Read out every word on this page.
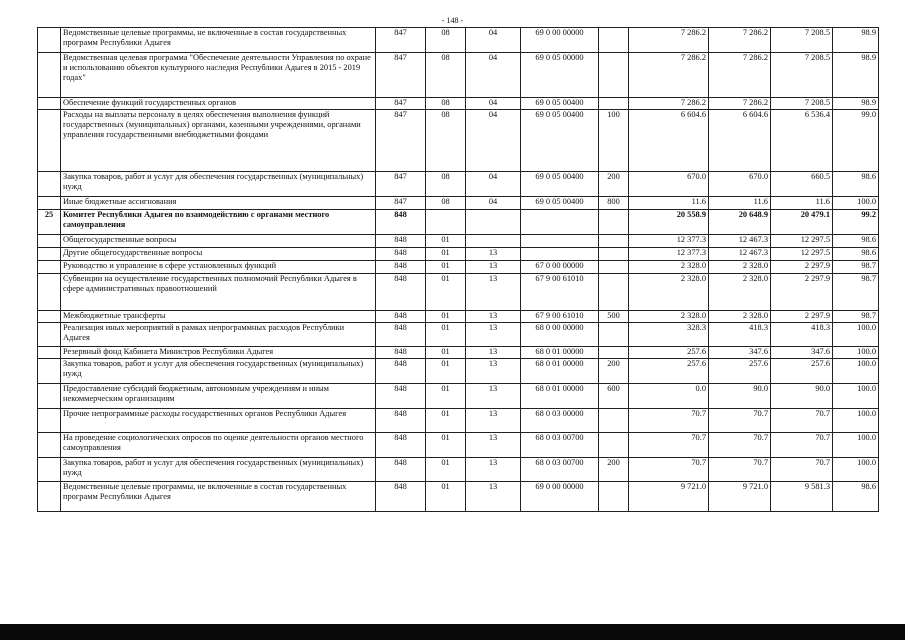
- 148 -
	Ведомственные целевые программы, не включенные в состав государственных программ Республики Адыгея	847	08	04	69 0 00 00000		7 286.2	7 286.2	7 208.5	98.9
	Ведомственная целевая программа "Обеспечение деятельности Управления по охране и использованию объектов культурного наследия Республики Адыгея в 2015 - 2019 годах"	847	08	04	69 0 05 00000		7 286.2	7 286.2	7 208.5	98.9
	Обеспечение функций государственных органов	847	08	04	69 0 05 00400		7 286.2	7 286.2	7 208.5	98.9
	Расходы на выплаты персоналу в целях обеспечения выполнения функций государственных (муниципальных) органами, казенными учреждениями, органами управления государственными внебюджетными фондами	847	08	04	69 0 05 00400	100	6 604.6	6 604.6	6 536.4	99.0
	Закупка товаров, работ и услуг для обеспечения государственных (муниципальных) нужд	847	08	04	69 0 05 00400	200	670.0	670.0	660.5	98.6
	Иные бюджетные ассигнования	847	08	04	69 0 05 00400	800	11.6	11.6	11.6	100.0
25	Комитет Республики Адыгея по взаимодействию с органами местного самоуправления	848					20 558.9	20 648.9	20 479.1	99.2
	Общегосударственные вопросы	848	01				12 377.3	12 467.3	12 297.5	98.6
	Другие общегосударственные вопросы	848	01	13			12 377.3	12 467.3	12 297.5	98.6
	Руководство и управление в сфере установленных функций	848	01	13	67 0 00 00000		2 328.0	2 328.0	2 297.9	98.7
	Субвенции на осуществление государственных полномочий Республики Адыгея в сфере административных правоотношений	848	01	13	67 9 00 61010		2 328.0	2 328.0	2 297.9	98.7
	Межбюджетные трансферты	848	01	13	67 9 00 61010	500	2 328.0	2 328.0	2 297.9	98.7
	Реализация иных мероприятий в рамках непрограммных расходов Республики Адыгея	848	01	13	68 0 00 00000		328.3	418.3	418.3	100.0
	Резервный фонд Кабинета Министров Республики Адыгея	848	01	13	68 0 01 00000		257.6	347.6	347.6	100.0
	Закупка товаров, работ и услуг для обеспечения государственных (муниципальных) нужд	848	01	13	68 0 01 00000	200	257.6	257.6	257.6	100.0
	Предоставление субсидий бюджетным, автономным учреждениям и иным некоммерческим организациям	848	01	13	68 0 01 00000	600	0.0	90.0	90.0	100.0
	Прочие непрограммные расходы государственных органов Республики Адыгея	848	01	13	68 0 03 00000		70.7	70.7	70.7	100.0
	На проведение социологических опросов по оценке деятельности органов местного самоуправления	848	01	13	68 0 03 00700		70.7	70.7	70.7	100.0
	Закупка товаров, работ и услуг для обеспечения государственных (муниципальных) нужд	848	01	13	68 0 03 00700	200	70.7	70.7	70.7	100.0
	Ведомственные целевые программы, не включенные в состав государственных программ Республики Адыгея	848	01	13	69 0 00 00000		9 721.0	9 721.0	9 581.3	98.6
